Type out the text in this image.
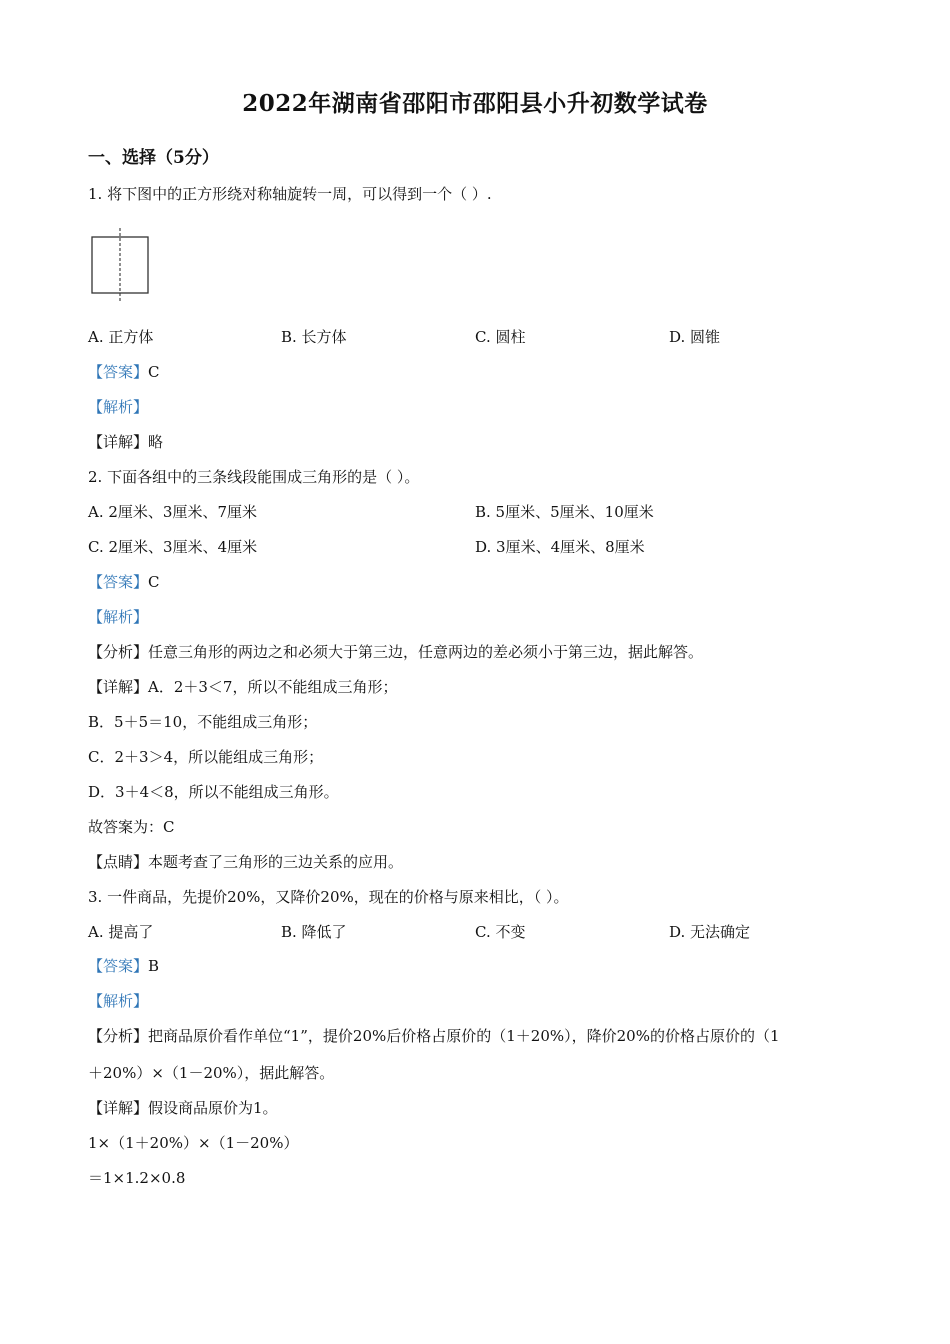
2022年湖南省邵阳市邵阳县小升初数学试卷
一、选择（5分）
1. 将下图中的正方形绕对称轴旋转一周，可以得到一个（ ）.
A. 正方体	B. 长方体	C. 圆柱	D. 圆锥
【答案】C
【解析】
【详解】略
2. 下面各组中的三条线段能围成三角形的是（ ）。
A. 2厘米、3厘米、7厘米	B. 5厘米、5厘米、10厘米
C. 2厘米、3厘米、4厘米	D. 3厘米、4厘米、8厘米
【答案】C
【解析】
【分析】任意三角形的两边之和必须大于第三边，任意两边的差必须小于第三边，据此解答。
【详解】A．2＋3＜7，所以不能组成三角形；
B．5＋5＝10，不能组成三角形；
C．2＋3＞4，所以能组成三角形；
D．3＋4＜8，所以不能组成三角形。
故答案为：C
【点睛】本题考查了三角形的三边关系的应用。
3. 一件商品，先提价20%，又降价20%，现在的价格与原来相比，（ ）。
A. 提高了	B. 降低了	C. 不变	D. 无法确定
【答案】B
【解析】
【分析】把商品原价看作单位“1”，提价20%后价格占原价的（1＋20%），降价20%的价格占原价的（1
＋20%）×（1－20%），据此解答。
【详解】假设商品原价为1。
1×（1＋20%）×（1－20%）
＝1×1.2×0.8
